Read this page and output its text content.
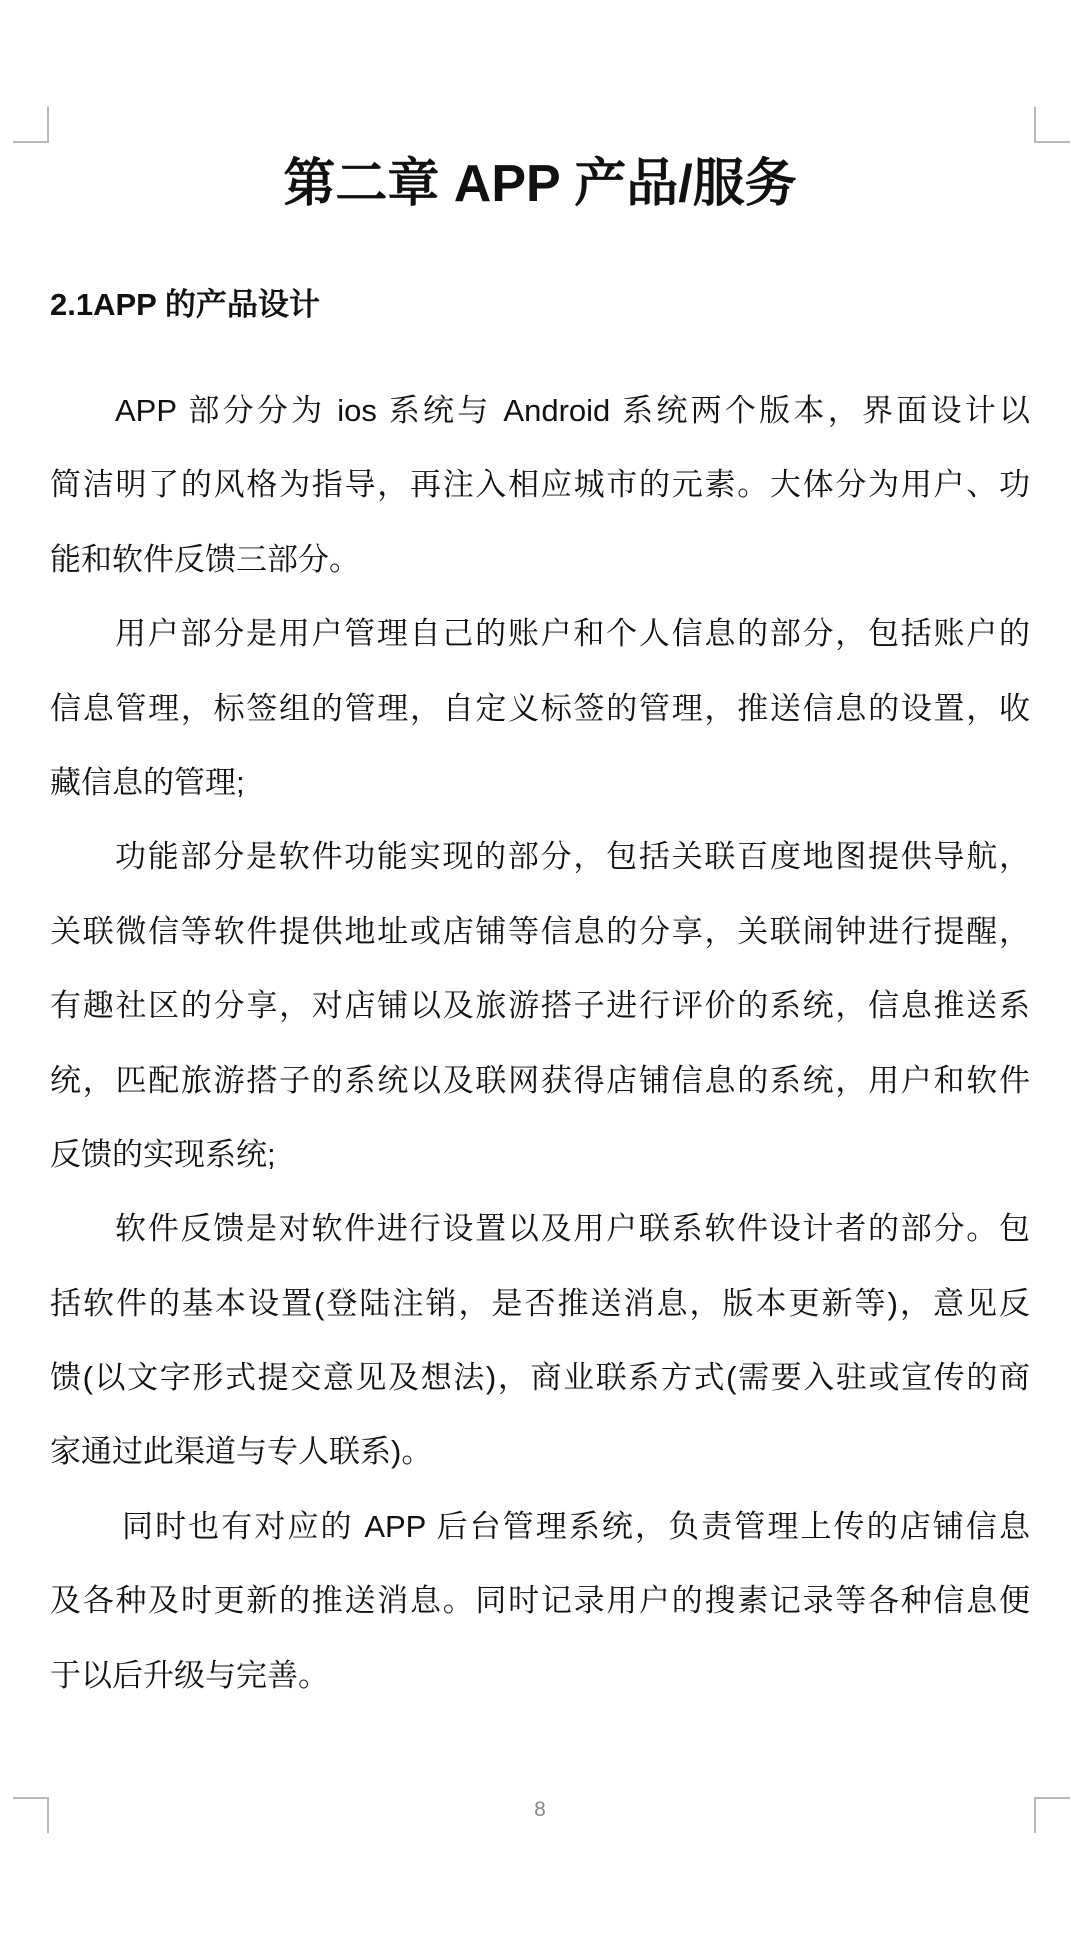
第二章 APP 产品/服务
2.1APP 的产品设计
APP 部分分为 ios 系统与 Android 系统两个版本，界面设计以
简洁明了的风格为指导，再注入相应城市的元素。大体分为用户、功
能和软件反馈三部分。
用户部分是用户管理自己的账户和个人信息的部分，包括账户的
信息管理，标签组的管理，自定义标签的管理，推送信息的设置，收
藏信息的管理;
功能部分是软件功能实现的部分，包括关联百度地图提供导航，
关联微信等软件提供地址或店铺等信息的分享，关联闹钟进行提醒，
有趣社区的分享，对店铺以及旅游搭子进行评价的系统，信息推送系
统，匹配旅游搭子的系统以及联网获得店铺信息的系统，用户和软件
反馈的实现系统;
软件反馈是对软件进行设置以及用户联系软件设计者的部分。包
括软件的基本设置(登陆注销，是否推送消息，版本更新等)，意见反
馈(以文字形式提交意见及想法)，商业联系方式(需要入驻或宣传的商
家通过此渠道与专人联系)。
同时也有对应的 APP 后台管理系统，负责管理上传的店铺信息
及各种及时更新的推送消息。同时记录用户的搜素记录等各种信息便
于以后升级与完善。
8
